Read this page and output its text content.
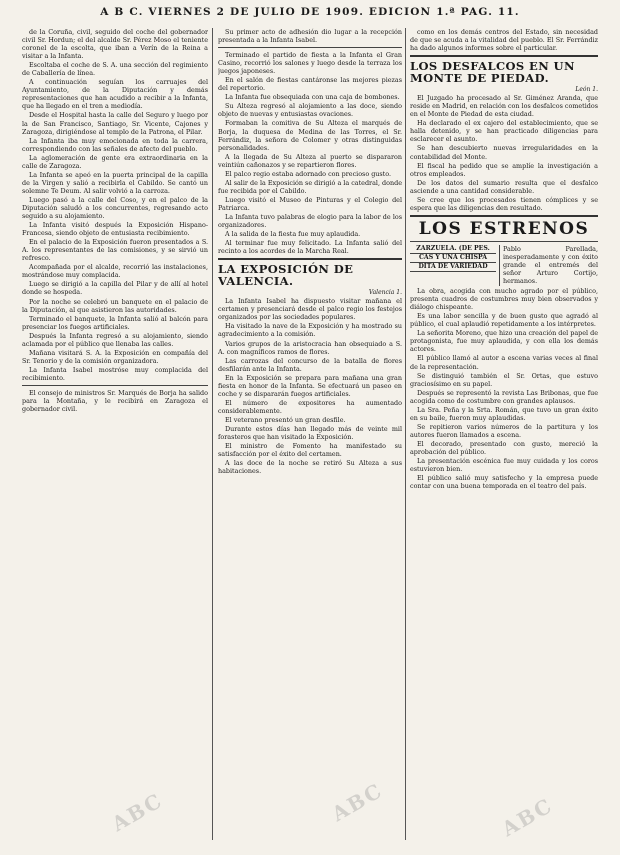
A B C. VIERNES 2 DE JULIO DE 1909. EDICION 1.ª PAG. 11.

de la Coruña, civil, seguido del coche del gobernador civil Sr. Hordun; el del alcalde Sr. Pérez Moso el teniente coronel de la escolta, que iban a Verín de la Reina a visitar a la Infanta.

Escoltaba el coche de S. A. una sección del regimiento de Caballería de línea.

A continuación seguían los carruajes del Ayuntamiento, de la Diputación y demás representaciones que han acudido a recibir a la Infanta, que ha llegado en el tren a mediodía.

Desde el Hospital hasta la calle del Seguro y luego por la de San Francisco, Santiago, Sr. Vicente, Cajones y Zaragoza, dirigiéndose al templo de la Patrona, el Pilar.

La Infanta iba muy emocionada en toda la carrera, correspondiendo con las señales de afecto del pueblo.

La aglomeración de gente era extraordinaria en la calle de Zaragoza.

La Infanta se apeó en la puerta principal de la capilla de la Virgen y salió a recibirla el Cabildo. Se cantó un solemne Te Deum. Al salir volvió a la carroza.

Luego pasó a la calle del Coso, y en el palco de la Diputación saludó a los concurrentes, regresando acto seguido a su alojamiento.

La Infanta visitó después la Exposición Hispano-Francesa, siendo objeto de entusiasta recibimiento.

En el palacio de la Exposición fueron presentados a S. A. los representantes de las comisiones, y se sirvió un refresco.

Acompañada por el alcalde, recorrió las instalaciones, mostrándose muy complacida.

Luego se dirigió a la capilla del Pilar y de allí al hotel donde se hospeda.

Por la noche se celebró un banquete en el palacio de la Diputación, al que asistieron las autoridades.

Terminado el banquete, la Infanta salió al balcón para presenciar los fuegos artificiales.

Después la Infanta regresó a su alojamiento, siendo aclamada por el público que llenaba las calles.

Mañana visitará S. A. la Exposición en compañía del Sr. Tenorio y de la comisión organizadora.

La Infanta Isabel mostróse muy complacida del recibimiento.

El consejo de ministros Sr. Marqués de Borja ha salido para la Montaña, y le recibirá en Zaragoza el gobernador civil.

Su primer acto de adhesión dio lugar a la recepción presentada a la Infanta Isabel.

Terminado el partido de fiesta a la Infanta el Gran Casino, recorrió los salones y luego desde la terraza los juegos japoneses.

En el salón de fiestas cantáronse las mejores piezas del repertorio.

La Infanta fue obsequiada con una caja de bombones.

Su Alteza regresó al alojamiento a las doce, siendo objeto de nuevas y entusiastas ovaciones.

Formaban la comitiva de Su Alteza el marqués de Borja, la duquesa de Medina de las Torres, el Sr. Ferrándiz, la señora de Colomer y otras distinguidas personalidades.

A la llegada de Su Alteza al puerto se dispararon veintiún cañonazos y se repartieron flores.

El palco regio estaba adornado con precioso gusto.

Al salir de la Exposición se dirigió a la catedral, donde fue recibida por el Cabildo.

Luego visitó el Museo de Pinturas y el Colegio del Patriarca.

La Infanta tuvo palabras de elogio para la labor de los organizadores.

A la salida de la fiesta fue muy aplaudida.

Al terminar fue muy felicitado. La Infanta salió del recinto a los acordes de la Marcha Real.

LA EXPOSICIÓN DE VALENCIA.

Valencia 1.

La Infanta Isabel ha dispuesto visitar mañana el certamen y presenciará desde el palco regio los festejos organizados por las sociedades populares.

Ha visitado la nave de la Exposición y ha mostrado su agradecimiento a la comisión.

Varios grupos de la aristocracia han obsequiado a S. A. con magníficos ramos de flores.

Las carrozas del concurso de la batalla de flores desfilarán ante la Infanta.

En la Exposición se prepara para mañana una gran fiesta en honor de la Infanta. Se efectuará un paseo en coche y se dispararán fuegos artificiales.

El número de expositores ha aumentado considerablemente.

El veterano presentó un gran desfile.

Durante estos días han llegado más de veinte mil forasteros que han visitado la Exposición.

El ministro de Fomento ha manifestado su satisfacción por el éxito del certamen.

A las doce de la noche se retiró Su Alteza a sus habitaciones.

como en los demás centros del Estado, sin necesidad de que se acuda a la vitalidad del pueblo. El Sr. Ferrándiz ha dado algunos informes sobre el particular.

LOS DESFALCOS EN UN MONTE DE PIEDAD.

León 1.

El Juzgado ha procesado al Sr. Giménez Aranda, que reside en Madrid, en relación con los desfalcos cometidos en el Monte de Piedad de esta ciudad.

Ha declarado el ex cajero del establecimiento, que se halla detenido, y se han practicado diligencias para esclarecer el asunto.

Se han descubierto nuevas irregularidades en la contabilidad del Monte.

El fiscal ha pedido que se amplíe la investigación a otros empleados.

De los datos del sumario resulta que el desfalco asciende a una cantidad considerable.

Se cree que los procesados tienen cómplices y se espera que las diligencias den resultado.

LOS ESTRENOS
ZARZUELA. (DE PES.
CAS Y UNA CHISPA
DITA DE VARIEDAD

Pablo Parellada, inesperadamente y con éxito grande el entremés del señor Arturo Cortijo, hermanos.

La obra, acogida con mucho agrado por el público, presenta cuadros de costumbres muy bien observados y diálogo chispeante.

Es una labor sencilla y de buen gusto que agradó al público, el cual aplaudió repetidamente a los intérpretes.

La señorita Moreno, que hizo una creación del papel de protagonista, fue muy aplaudida, y con ella los demás actores.

El público llamó al autor a escena varias veces al final de la representación.

Se distinguió también el Sr. Ortas, que estuvo graciosísimo en su papel.

Después se representó la revista Las Bribonas, que fue acogida como de costumbre con grandes aplausos.

La Sra. Peña y la Srta. Román, que tuvo un gran éxito en su baile, fueron muy aplaudidas.

Se repitieron varios números de la partitura y los autores fueron llamados a escena.

El decorado, presentado con gusto, mereció la aprobación del público.

La presentación escénica fue muy cuidada y los coros estuvieron bien.

El público salió muy satisfecho y la empresa puede contar con una buena temporada en el teatro del país.

ABC	ABC	ABC
